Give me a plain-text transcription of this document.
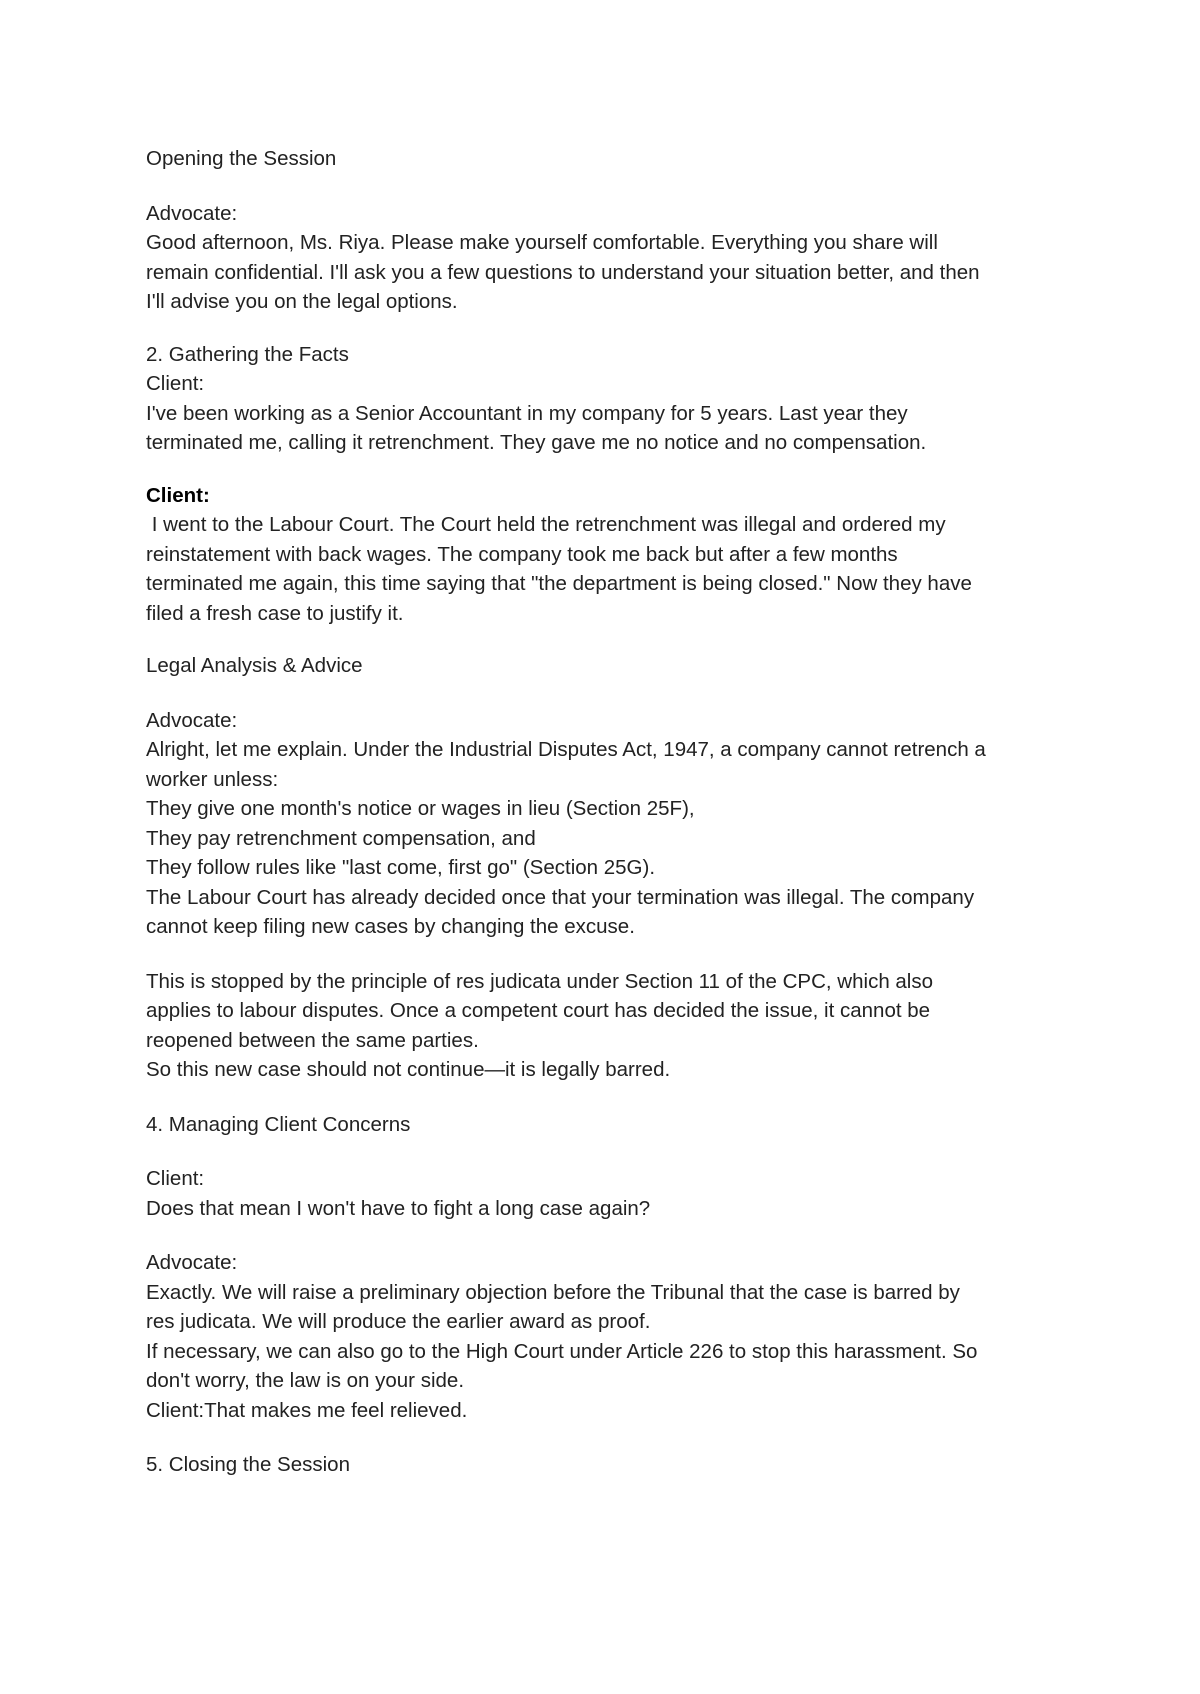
Opening the Session
Advocate:
Good afternoon, Ms. Riya. Please make yourself comfortable. Everything you share will
remain confidential. I'll ask you a few questions to understand your situation better, and then
I'll advise you on the legal options.
2. Gathering the Facts
Client:
I've been working as a Senior Accountant in my company for 5 years. Last year they
terminated me, calling it retrenchment. They gave me no notice and no compensation.
Client:
I went to the Labour Court. The Court held the retrenchment was illegal and ordered my
reinstatement with back wages. The company took me back but after a few months
terminated me again, this time saying that "the department is being closed." Now they have
filed a fresh case to justify it.
Legal Analysis & Advice
Advocate:
Alright, let me explain. Under the Industrial Disputes Act, 1947, a company cannot retrench a
worker unless:
They give one month's notice or wages in lieu (Section 25F),
They pay retrenchment compensation, and
They follow rules like "last come, first go" (Section 25G).
The Labour Court has already decided once that your termination was illegal. The company
cannot keep filing new cases by changing the excuse.
This is stopped by the principle of res judicata under Section 11 of the CPC, which also
applies to labour disputes. Once a competent court has decided the issue, it cannot be
reopened between the same parties.
So this new case should not continue—it is legally barred.
4. Managing Client Concerns
Client:
Does that mean I won't have to fight a long case again?
Advocate:
Exactly. We will raise a preliminary objection before the Tribunal that the case is barred by
res judicata. We will produce the earlier award as proof.
If necessary, we can also go to the High Court under Article 226 to stop this harassment. So
don't worry, the law is on your side.
Client:That makes me feel relieved.
5. Closing the Session
